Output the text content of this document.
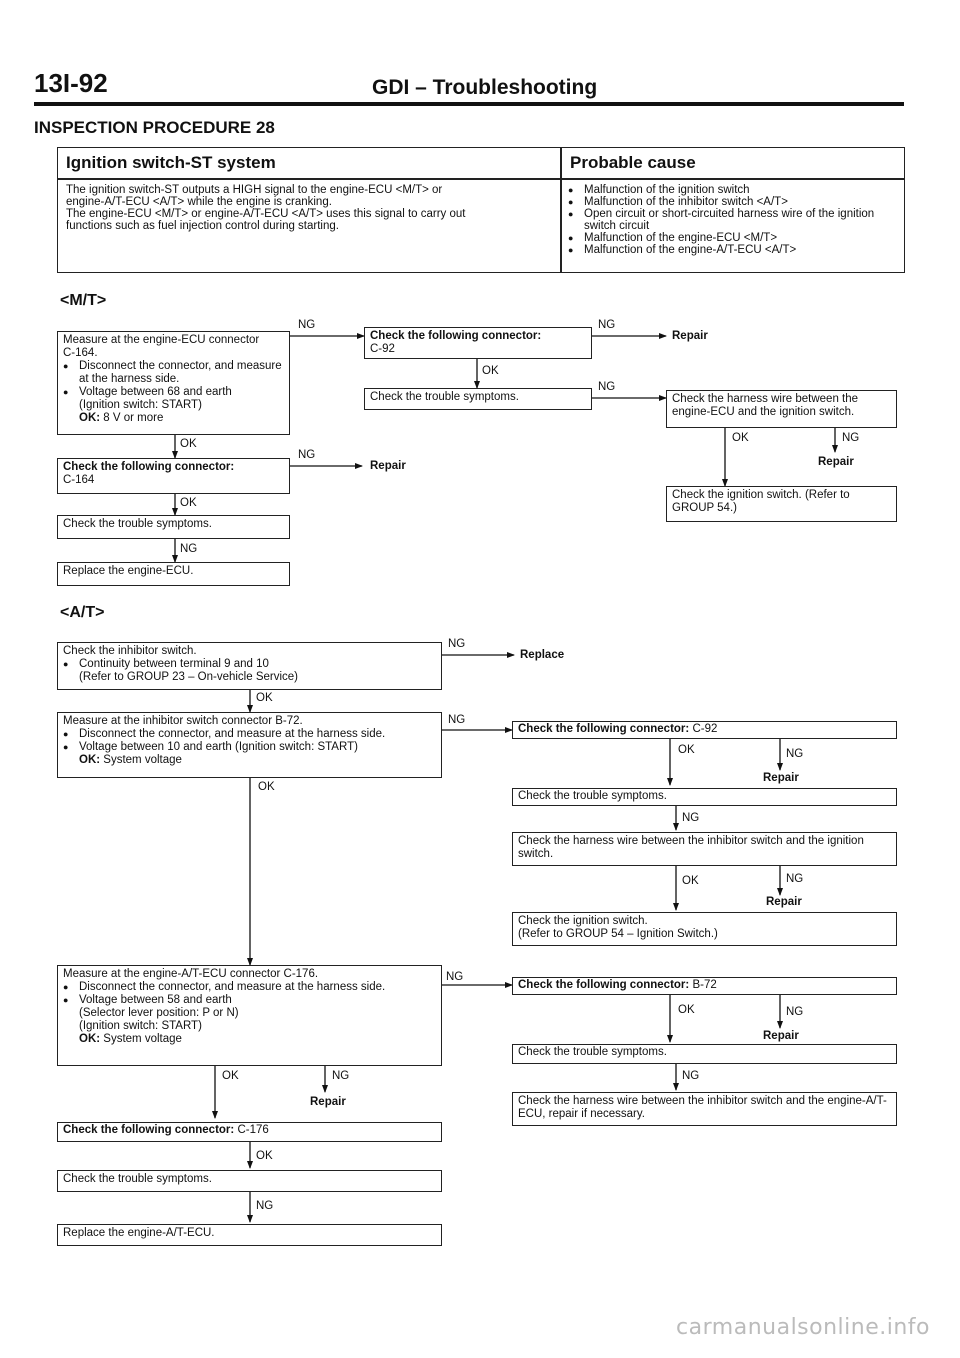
13I-92	GDI – Troubleshooting
INSPECTION PROCEDURE 28
Ignition switch-ST system	Probable cause
The ignition switch-ST outputs a HIGH signal to the engine-ECU <M/T> or
engine-A/T-ECU <A/T> while the engine is cranking.
The engine-ECU <M/T> or engine-A/T-ECU <A/T> uses this signal to carry out
functions such as fuel injection control during starting.
● Malfunction of the ignition switch
● Malfunction of the inhibitor switch <A/T>
● Open circuit or short-circuited harness wire of the ignition switch circuit
● Malfunction of the engine-ECU <M/T>
● Malfunction of the engine-A/T-ECU <A/T>
<M/T>
Measure at the engine-ECU connector
C-164.
● Disconnect the connector, and measure at the harness side.
● Voltage between 68 and earth
(Ignition switch: START)
OK: 8 V or more
NG
Check the following connector:
C-92
NG
Repair
OK
Check the trouble symptoms.
NG
Check the harness wire between the engine-ECU and the ignition switch.
OK	NG
Repair
Check the ignition switch. (Refer to GROUP 54.)
OK
Check the following connector:
C-164
NG
Repair
OK
Check the trouble symptoms.
NG
Replace the engine-ECU.
<A/T>
Check the inhibitor switch.
● Continuity between terminal 9 and 10
(Refer to GROUP 23 – On-vehicle Service)
NG
Replace
OK
Measure at the inhibitor switch connector B-72.
● Disconnect the connector, and measure at the harness side.
● Voltage between 10 and earth (Ignition switch: START)
OK: System voltage
NG
Check the following connector: C-92
OK	NG
Repair
OK
Check the trouble symptoms.
NG
Check the harness wire between the inhibitor switch and the ignition switch.
OK	NG
Repair
Check the ignition switch.
(Refer to GROUP 54 – Ignition Switch.)
Measure at the engine-A/T-ECU connector C-176.
● Disconnect the connector, and measure at the harness side.
● Voltage between 58 and earth
(Selector lever position: P or N)
(Ignition switch: START)
OK: System voltage
NG
Check the following connector: B-72
OK	NG
Repair
Check the trouble symptoms.
OK	NG
Repair
NG
Check the harness wire between the inhibitor switch and the engine-A/T-ECU, repair if necessary.
Check the following connector: C-176
OK
Check the trouble symptoms.
NG
Replace the engine-A/T-ECU.
carmanualsonline.info
